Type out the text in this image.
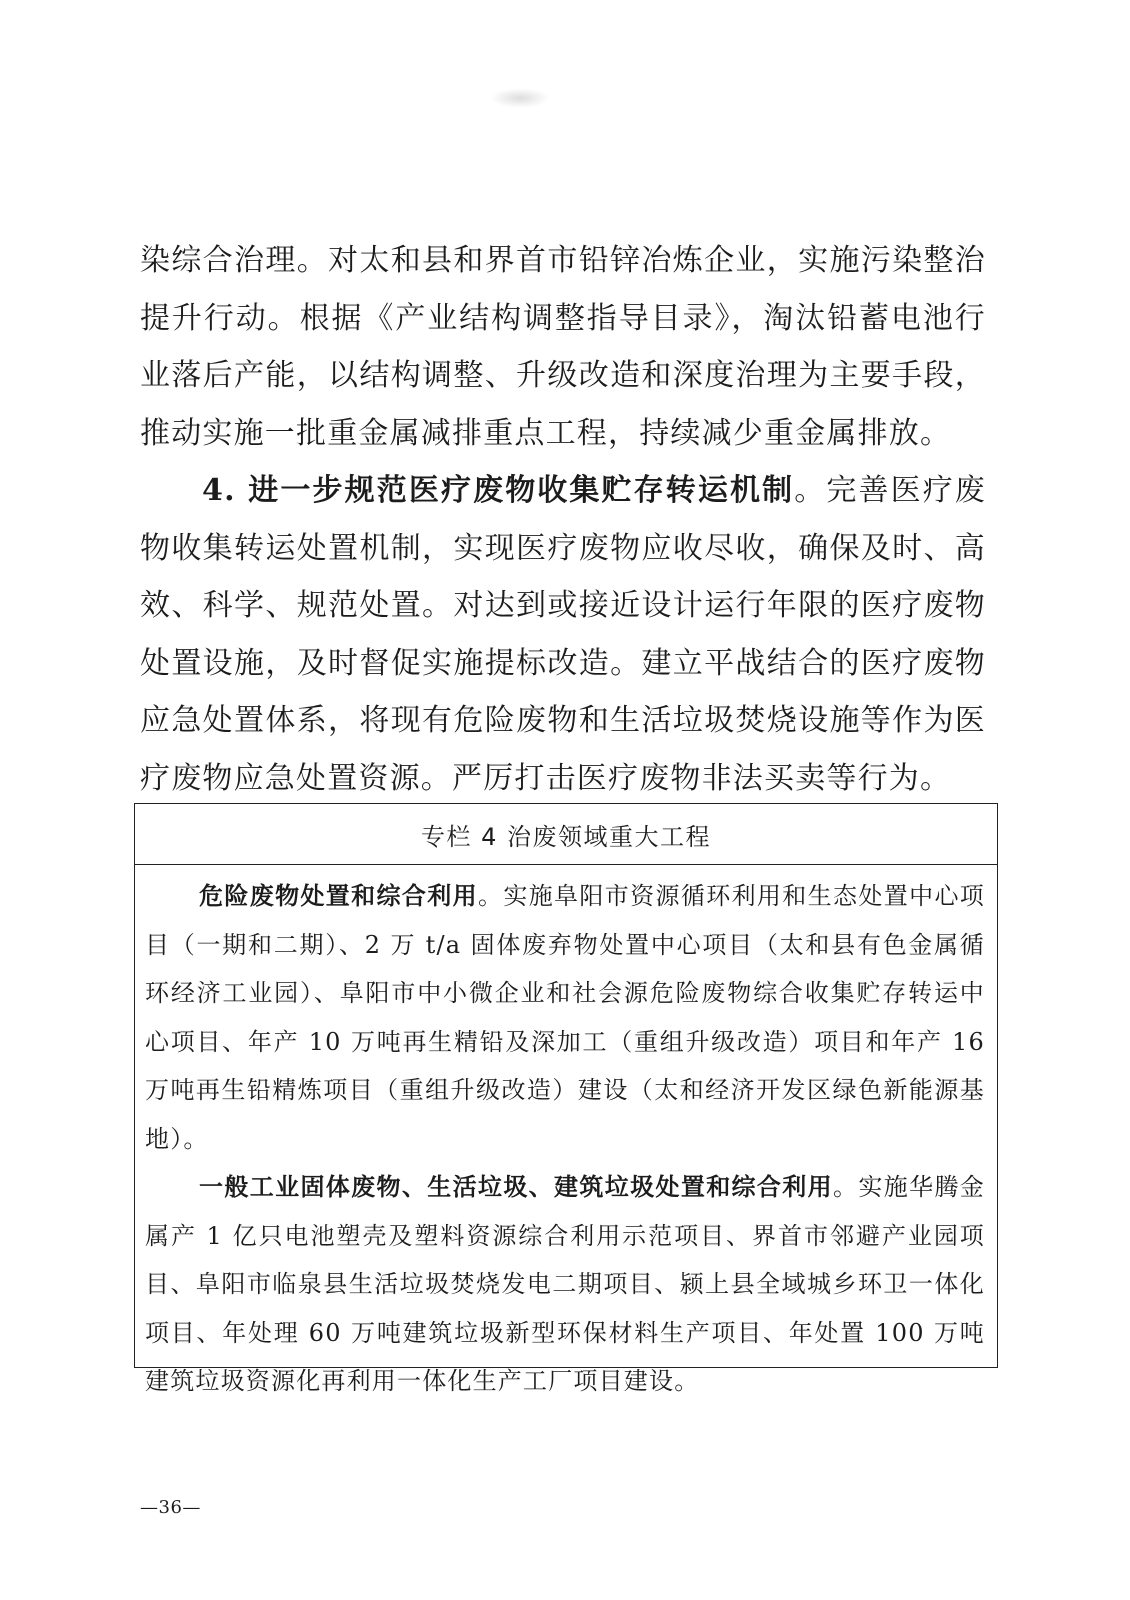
染综合治理。对太和县和界首市铅锌冶炼企业，实施污染整治提升行动。根据《产业结构调整指导目录》，淘汰铅蓄电池行业落后产能，以结构调整、升级改造和深度治理为主要手段，推动实施一批重金属减排重点工程，持续减少重金属排放。

4. 进一步规范医疗废物收集贮存转运机制。完善医疗废物收集转运处置机制，实现医疗废物应收尽收，确保及时、高效、科学、规范处置。对达到或接近设计运行年限的医疗废物处置设施，及时督促实施提标改造。建立平战结合的医疗废物应急处置体系，将现有危险废物和生活垃圾焚烧设施等作为医疗废物应急处置资源。严厉打击医疗废物非法买卖等行为。

专栏 4 治废领域重大工程

危险废物处置和综合利用。实施阜阳市资源循环利用和生态处置中心项目（一期和二期）、2 万 t/a 固体废弃物处置中心项目（太和县有色金属循环经济工业园）、阜阳市中小微企业和社会源危险废物综合收集贮存转运中心项目、年产 10 万吨再生精铅及深加工（重组升级改造）项目和年产 16 万吨再生铅精炼项目（重组升级改造）建设（太和经济开发区绿色新能源基地）。

一般工业固体废物、生活垃圾、建筑垃圾处置和综合利用。实施华腾金属产 1 亿只电池塑壳及塑料资源综合利用示范项目、界首市邻避产业园项目、阜阳市临泉县生活垃圾焚烧发电二期项目、颍上县全域城乡环卫一体化项目、年处理 60 万吨建筑垃圾新型环保材料生产项目、年处置 100 万吨建筑垃圾资源化再利用一体化生产工厂项目建设。

—36—
